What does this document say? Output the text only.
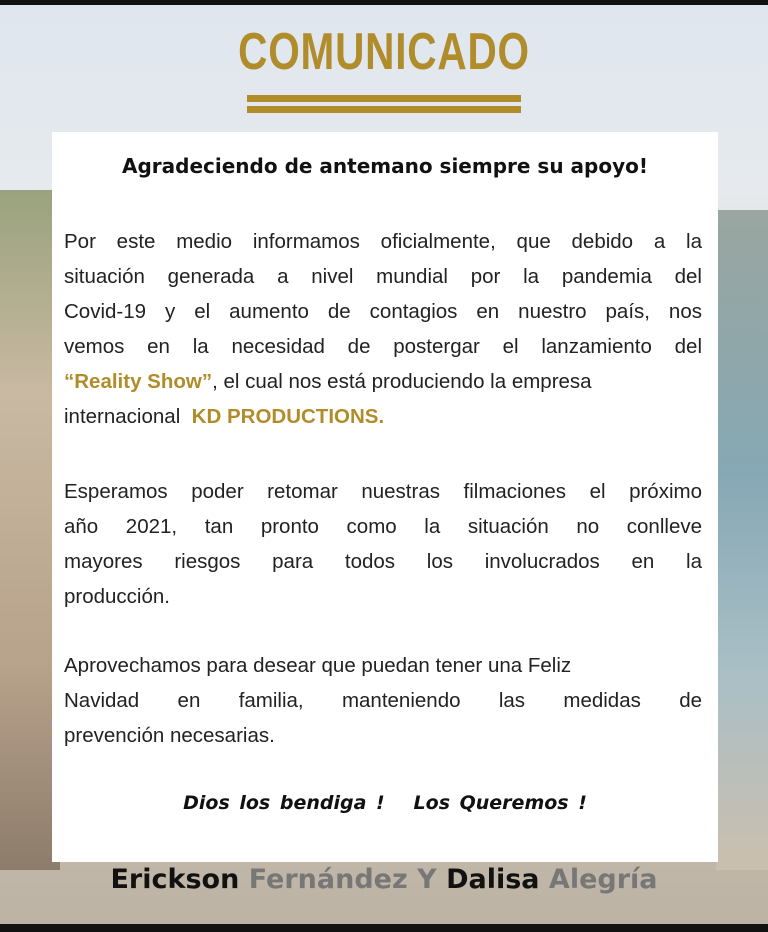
COMUNICADO
Agradeciendo de antemano siempre su apoyo!
Por este medio informamos oficialmente, que debido a la
situación generada a nivel mundial por la pandemia del
Covid-19 y el aumento de contagios en nuestro país, nos
vemos en la necesidad de postergar el lanzamiento del
“Reality Show”, el cual nos está produciendo la empresa
internacional KD PRODUCTIONS.
Esperamos poder retomar nuestras filmaciones el próximo
año 2021, tan pronto como la situación no conlleve
mayores riesgos para todos los involucrados en la
producción.
Aprovechamos para desear que puedan tener una Feliz
Navidad en familia, manteniendo las medidas de
prevención necesarias.
Dios los bendiga !   Los Queremos !
Erickson Fernández Y Dalisa Alegría
